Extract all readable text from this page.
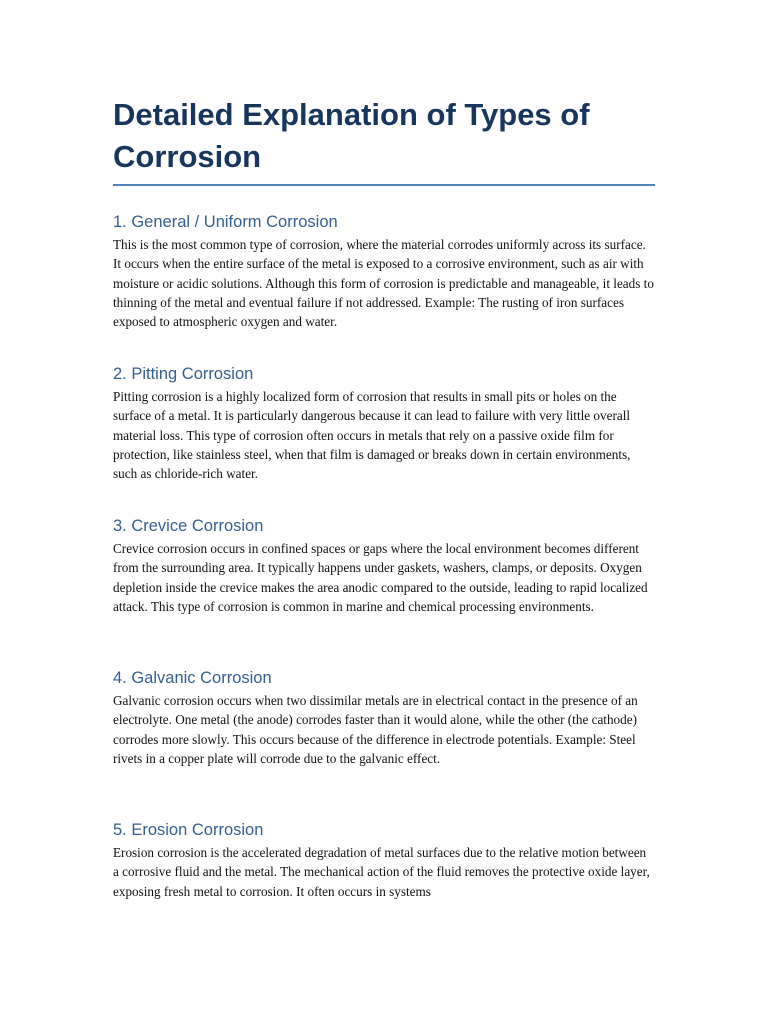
Detailed Explanation of Types of Corrosion
1. General / Uniform Corrosion

This is the most common type of corrosion, where the material corrodes uniformly across its surface. It occurs when the entire surface of the metal is exposed to a corrosive environment, such as air with moisture or acidic solutions. Although this form of corrosion is predictable and manageable, it leads to thinning of the metal and eventual failure if not addressed. Example: The rusting of iron surfaces exposed to atmospheric oxygen and water.

2. Pitting Corrosion

Pitting corrosion is a highly localized form of corrosion that results in small pits or holes on the surface of a metal. It is particularly dangerous because it can lead to failure with very little overall material loss. This type of corrosion often occurs in metals that rely on a passive oxide film for protection, like stainless steel, when that film is damaged or breaks down in certain environments, such as chloride-rich water.

3. Crevice Corrosion

Crevice corrosion occurs in confined spaces or gaps where the local environment becomes different from the surrounding area. It typically happens under gaskets, washers, clamps, or deposits. Oxygen depletion inside the crevice makes the area anodic compared to the outside, leading to rapid localized attack. This type of corrosion is common in marine and chemical processing environments.

4. Galvanic Corrosion

Galvanic corrosion occurs when two dissimilar metals are in electrical contact in the presence of an electrolyte. One metal (the anode) corrodes faster than it would alone, while the other (the cathode) corrodes more slowly. This occurs because of the difference in electrode potentials. Example: Steel rivets in a copper plate will corrode due to the galvanic effect.

5. Erosion Corrosion

Erosion corrosion is the accelerated degradation of metal surfaces due to the relative motion between a corrosive fluid and the metal. The mechanical action of the fluid removes the protective oxide layer, exposing fresh metal to corrosion. It often occurs in systems
